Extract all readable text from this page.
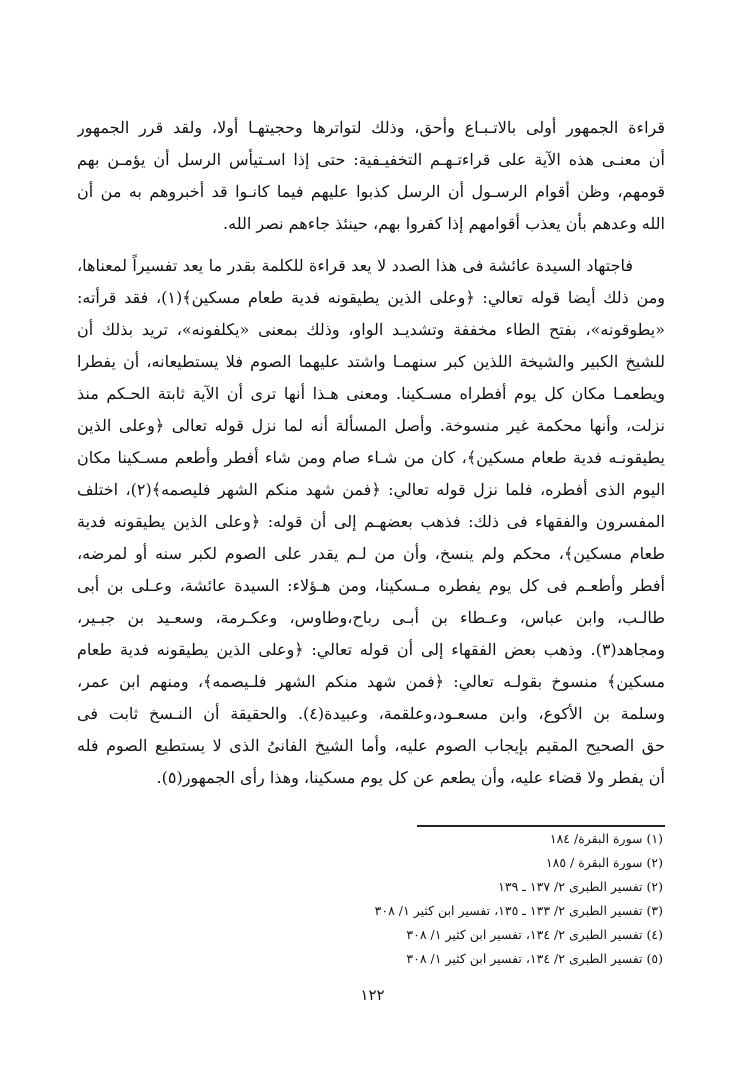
قراءة الجمهور أولى بالاتـبـاع وأحق، وذلك لتواترها وحجيتهـا أولا، ولقد قرر الجمهور
أن معنـى هذه الآية على قراءتـهـم التخفيـفية: حتى إذا اسـتيأس الرسل أن يؤمـن بهم
قومهم، وظن أقوام الرسـول أن الرسل كذبوا عليهم فيما كانـوا قد أخبروهم به من أن
الله وعدهم بأن يعذب أقوامهم إذا كفروا بهم، حينئذ جاءهم نصر الله.
فاجتهاد السيدة عائشة فى هذا الصدد لا يعد قراءة للكلمة بقدر ما يعد تفسيراً لمعناها،
ومن ذلك أيضا قوله تعالي: ﴿وعلى الذين يطيقونه فدية طعام مسكين﴾(١)، فقد قرأته:
«يطوقونه»، بفتح الطاء مخففة وتشديـد الواو، وذلك بمعنى «يكلفونه»، تريد بذلك أن
للشيخ الكبير والشيخة اللذين كبر سنهمـا واشتد عليهما الصوم فلا يستطيعانه، أن يفطرا
ويطعمـا مكان كل يوم أفطراه مسـكينا. ومعنى هـذا أنها ترى أن الآية ثابتة الحـكم منذ
نزلت، وأنها محكمة غير منسوخة. وأصل المسألة أنه لما نزل قوله تعالى ﴿وعلى الذين
يطيقونـه فدية طعام مسكين﴾، كان من شـاء صام ومن شاء أفطر وأطعم مسـكينا مكان
اليوم الذى أفطره، فلما نزل قوله تعالي: ﴿فمن شهد منكم الشهر فليصمه﴾(٢)، اختلف
المفسرون والفقهاء فى ذلك: فذهب بعضهـم إلى أن قوله: ﴿وعلى الذين يطيقونه فدية
طعام مسكين﴾، محكم ولم ينسخ، وأن من لـم يقدر على الصوم لكبر سنه أو لمرضه،
أفطر وأطعـم فى كل يوم يفطره مـسكينا، ومن هـؤلاء: السيدة عائشة، وعـلى بن أبى
طالـب، وابن عباس، وعـطاء بن أبـى رباح،وطاوس، وعكـرمة، وسعـيد بن جبـير،
ومجاهد(٣). وذهب بعض الفقهاء إلى أن قوله تعالي: ﴿وعلى الذين يطيقونه فدية طعام
مسكين﴾ منسوخ بقولـه تعالي: ﴿فمن شهد منكم الشهر فلـيصمه﴾، ومنهم ابن عمر،
وسلمة بن الأكوع، وابن مسعـود،وعلقمة، وعبيدة(٤). والحقيقة أن النـسخ ثابت فى
حق الصحيح المقيم بإيجاب الصوم عليه، وأما الشيخ الفانىُ الذى لا يستطيع الصوم فله
أن يفطر ولا قضاء عليه، وأن يطعم عن كل يوم مسكينا، وهذا رأى الجمهور(٥).
(١) سورة البقرة/ ١٨٤
(٢) سورة البقرة / ١٨٥
(٢) تفسير الطبرى ٢/ ١٣٧ ـ ١٣٩
(٣) تفسير الطبرى ٢/ ١٣٣ ـ ١٣٥، تفسير ابن كثير ١/ ٣٠٨
(٤) تفسير الطبرى ٢/ ١٣٤، تفسير ابن كثير ١/ ٣٠٨
(٥) تفسير الطبرى ٢/ ١٣٤، تفسير ابن كثير ١/ ٣٠٨
١٢٢
